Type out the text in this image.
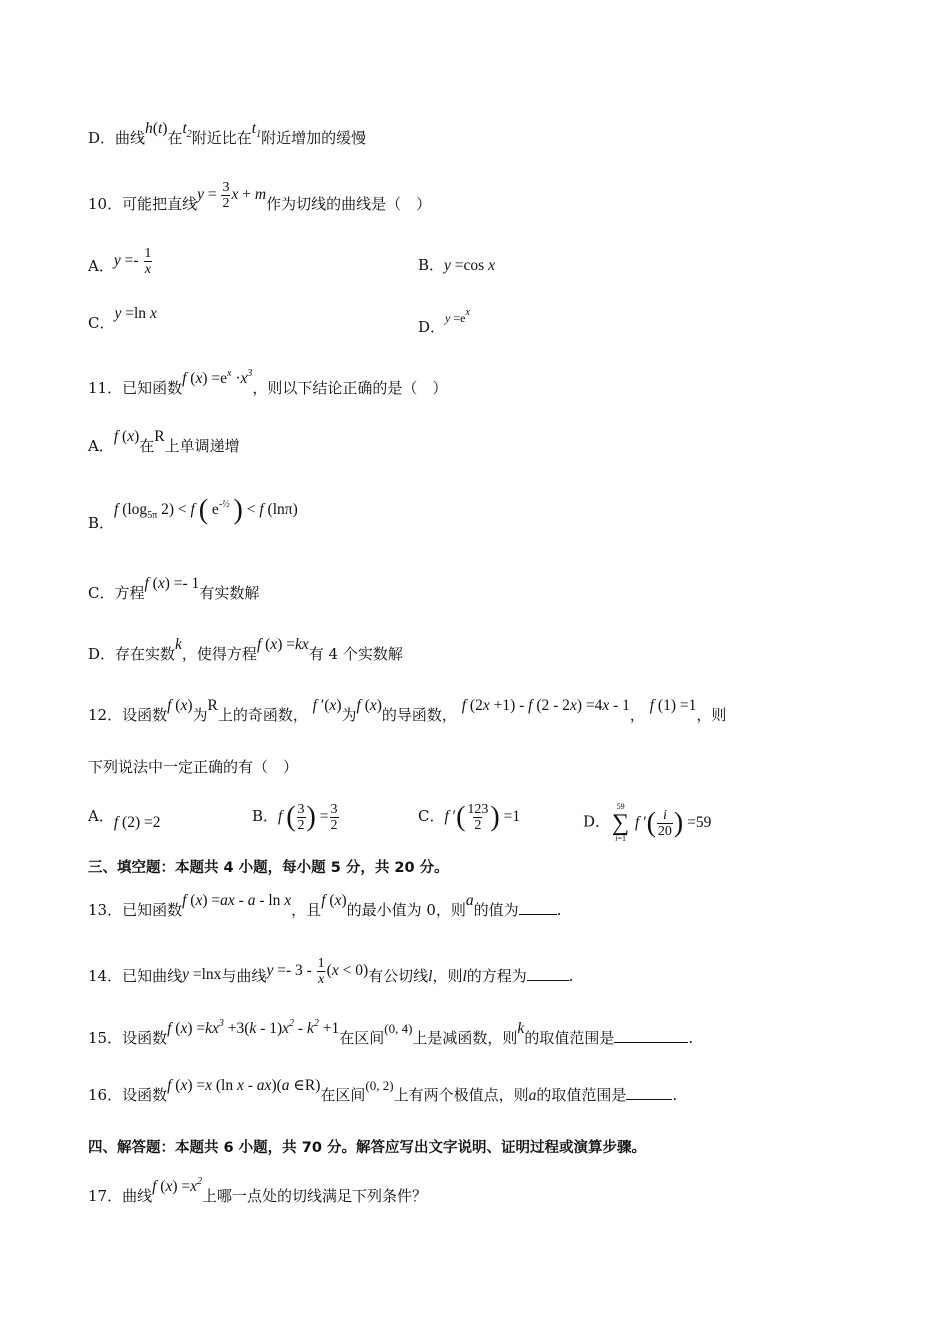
D．曲线h(t)在$t_2$附近比在$t_1$附近增加的缓慢
10．可能把直线$y = \frac{3}{2}$ x + m作为切线的曲线是（　）
A．$y =- \frac{1}{x}$	B．y =cos x
C．y =ln x
D．$^{y =e^x}$
11．已知函数f $(x) =e^x \cdot x^3$，则以下结论正确的是（　）
A．f (x)在R上单调递增
B．f ($\log_{5\pi}$ 2) < f ( $e^{-\frac{1}{2}}$ ) < f (lnπ)
C．方程f (x) =- 1有实数解
D．存在实数k，使得方程f (x) =kx有 4 个实数解
12．设函数f (x)为R上的奇函数， f ′(x)为f (x)的导函数， f (2x +1) - f (2 - 2x) =4x - 1， f (1) =1，则
下列说法中一定正确的有（　）
A．f (2) =2	B．f ( $\frac{3}{2}$ ) = $\frac{3}{2}$	C．f ′( $\frac{123}{2}$ ) =1	D．
59
∑
i=1
f ′( $\frac{i}{20}$ ) =59
三、填空题：本题共 4 小题，每小题 5 分，共 20 分。
13．已知函数f (x) =ax - a - ln x，且f (x)的最小值为 0，则a的值为	.
14．已知曲线y =lnx与曲线$y =- 3 - \frac{1}{x} (x < 0)$有公切线l，则l的方程为	.
15．设函数f $(x) =kx^3 +3(k - 1)x^2 - k^2 +1$在区间(0, 4)上是减函数，则k的取值范围是	.
16．设函数f (x) =x (ln x - ax)(a ∈R)在区间(0, 2)上有两个极值点，则a的取值范围是	.
四、解答题：本题共 6 小题，共 70 分。解答应写出文字说明、证明过程或演算步骤。
17．曲线f $(x) =x^2$上哪一点处的切线满足下列条件？
